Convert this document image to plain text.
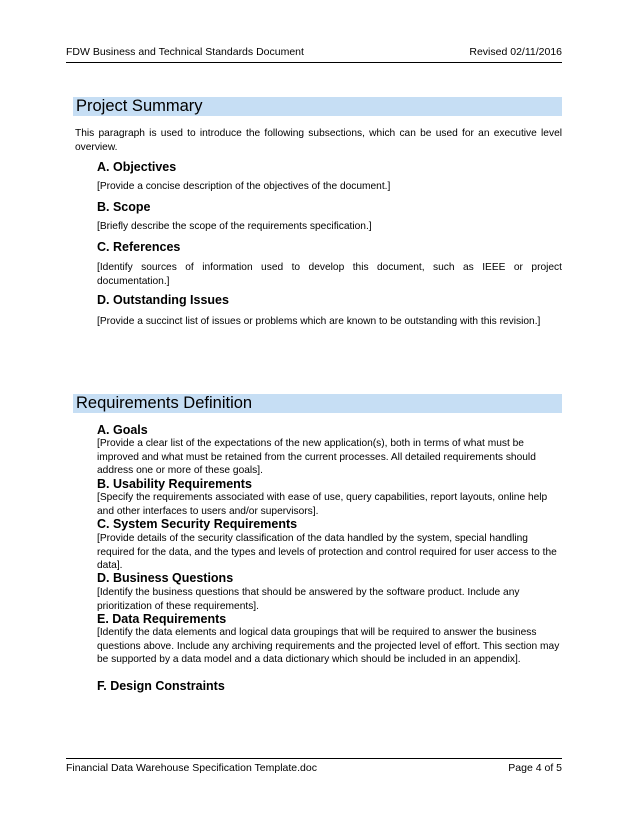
FDW Business and Technical Standards Document	Revised 02/11/2016
Project Summary
This paragraph is used to introduce the following subsections, which can be used for an executive level overview.
A. Objectives
[Provide a concise description of the objectives of the document.]
B. Scope
[Briefly describe the scope of the requirements specification.]
C. References
[Identify sources of information used to develop this document, such as IEEE or project documentation.]
D. Outstanding Issues
[Provide a succinct list of issues or problems which are known to be outstanding with this revision.]
Requirements Definition
A. Goals
[Provide a clear list of the expectations of the new application(s), both in terms of what must be improved and what must be retained from the current processes. All detailed requirements should address one or more of these goals].
B. Usability Requirements
[Specify the requirements associated with ease of use, query capabilities, report layouts, online help and other interfaces to users and/or supervisors].
C. System Security Requirements
[Provide details of the security classification of the data handled by the system, special handling required for the data, and the types and levels of protection and control required for user access to the data].
D. Business Questions
[Identify the business questions that should be answered by the software product. Include any prioritization of these requirements].
E. Data Requirements
[Identify the data elements and logical data groupings that will be required to answer the business questions above. Include any archiving requirements and the projected level of effort. This section may be supported by a data model and a data dictionary which should be included in an appendix].
F. Design Constraints
Financial Data Warehouse Specification Template.doc	Page 4 of 5
